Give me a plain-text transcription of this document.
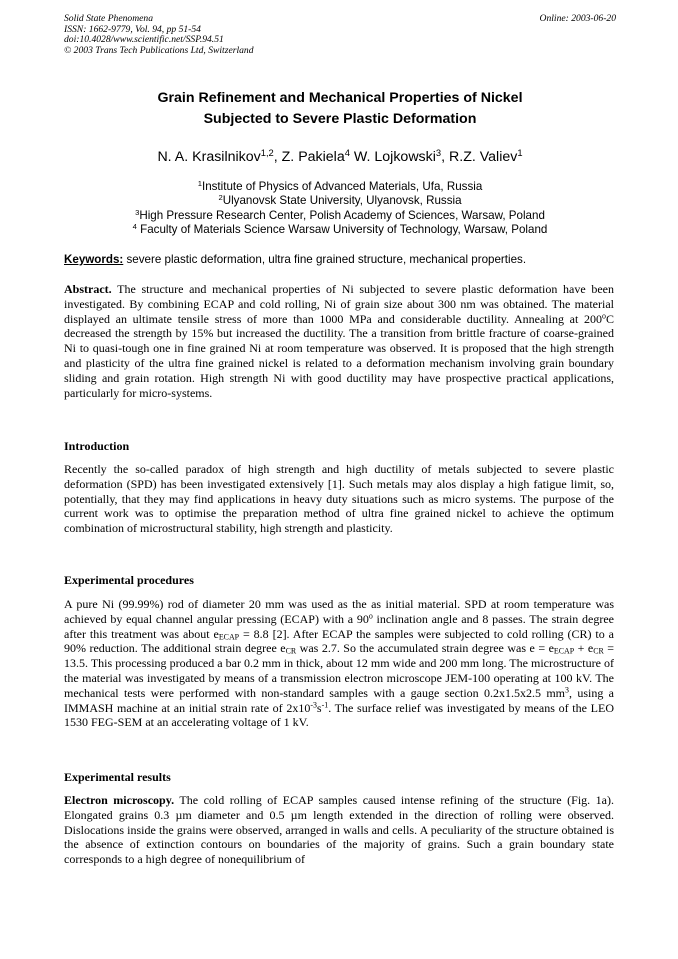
Solid State Phenomena
ISSN: 1662-9779, Vol. 94, pp 51-54
doi:10.4028/www.scientific.net/SSP.94.51
© 2003 Trans Tech Publications Ltd, Switzerland
Online: 2003-06-20
Grain Refinement and Mechanical Properties of Nickel
Subjected to Severe Plastic Deformation
N. A. Krasilnikov$^{1,2}$, Z. Pakiela$^4$ W. Lojkowski$^3$, R.Z. Valiev$^1$
$^1$Institute of Physics of Advanced Materials, Ufa, Russia
$^2$Ulyanovsk State University, Ulyanovsk, Russia
$^3$High Pressure Research Center, Polish Academy of Sciences, Warsaw, Poland
$^4$ Faculty of Materials Science Warsaw University of Technology, Warsaw, Poland
Keywords: severe plastic deformation, ultra fine grained structure, mechanical properties.
Abstract. The structure and mechanical properties of Ni subjected to severe plastic deformation have been investigated. By combining ECAP and cold rolling, Ni of grain size about 300 nm was obtained. The material displayed an ultimate tensile stress of more than 1000 MPa and considerable ductility. Annealing at 200$^o$C decreased the strength by 15% but increased the ductility. The a transition from brittle fracture of coarse-grained Ni to quasi-tough one in fine grained Ni at room temperature was observed. It is proposed that the high strength and plasticity of the ultra fine grained nickel is related to a deformation mechanism involving grain boundary sliding and grain rotation. High strength Ni with good ductility may have prospective practical applications, particularly for micro-systems.
Introduction
Recently the so-called paradox of high strength and high ductility of metals subjected to severe plastic deformation (SPD) has been investigated extensively [1]. Such metals may alos display a high fatigue limit, so, potentially, that they may find applications in heavy duty situations such as micro systems. The purpose of the current work was to optimise the preparation method of ultra fine grained nickel to achieve the optimum combination of microstructural stability, high strength and plasticity.
Experimental procedures
A pure Ni (99.99%) rod of diameter 20 mm was used as the as initial material. SPD at room temperature was achieved by equal channel angular pressing (ECAP) with a 90$^o$ inclination angle and 8 passes. The strain degree after this treatment was about $e_{ECAP} = 8.8$ [2]. After ECAP the samples were subjected to cold rolling (CR) to a 90% reduction. The additional strain degree $e_{CR}$ was 2.7. So the accumulated strain degree was $e = e_{ECAP} + e_{CR} = 13.5$. This processing produced a bar 0.2 mm in thick, about 12 mm wide and 200 mm long. The microstructure of the material was investigated by means of a transmission electron microscope JEM-100 operating at 100 kV. The mechanical tests were performed with non-standard samples with a gauge section 0.2x1.5x2.5 $mm^3$, using a IMMASH machine at an initial strain rate of $2x10^{-3}s^{-1}$. The surface relief was investigated by means of the LEO 1530 FEG-SEM at an accelerating voltage of 1 kV.
Experimental results
Electron microscopy. The cold rolling of ECAP samples caused intense refining of the structure (Fig. 1a). Elongated grains 0.3 µm diameter and 0.5 µm length extended in the direction of rolling were observed. Dislocations inside the grains were observed, arranged in walls and cells. A peculiarity of the structure obtained is the absence of extinction contours on boundaries of the majority of grains. Such a grain boundary state corresponds to a high degree of nonequilibrium of
